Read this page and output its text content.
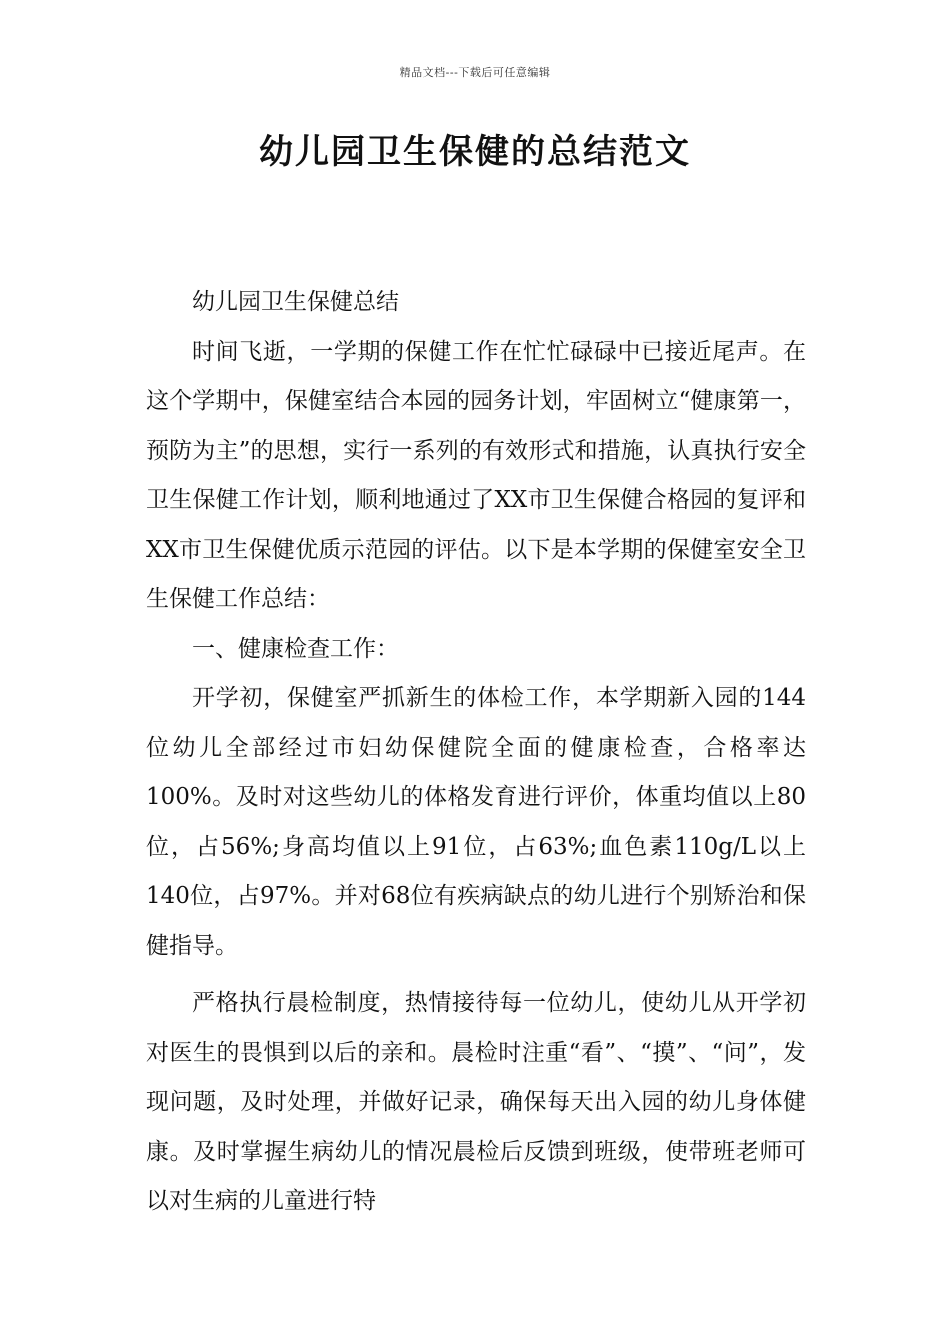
精品文档---下载后可任意编辑
幼儿园卫生保健的总结范文

幼儿园卫生保健总结

时间飞逝，一学期的保健工作在忙忙碌碌中已接近尾声。在这个学期中，保健室结合本园的园务计划，牢固树立“健康第一，预防为主”的思想，实行一系列的有效形式和措施，认真执行安全卫生保健工作计划，顺利地通过了XX市卫生保健合格园的复评和XX市卫生保健优质示范园的评估。以下是本学期的保健室安全卫生保健工作总结：

一、健康检查工作：

开学初，保健室严抓新生的体检工作，本学期新入园的144位幼儿全部经过市妇幼保健院全面的健康检查，合格率达100%。及时对这些幼儿的体格发育进行评价，体重均值以上80位，占56%;身高均值以上91位，占63%;血色素110g/L以上140位，占97%。并对68位有疾病缺点的幼儿进行个别矫治和保健指导。

严格执行晨检制度，热情接待每一位幼儿，使幼儿从开学初对医生的畏惧到以后的亲和。晨检时注重“看”、“摸”、“问”，发现问题，及时处理，并做好记录，确保每天出入园的幼儿身体健康。及时掌握生病幼儿的情况晨检后反馈到班级，使带班老师可以对生病的儿童进行特
